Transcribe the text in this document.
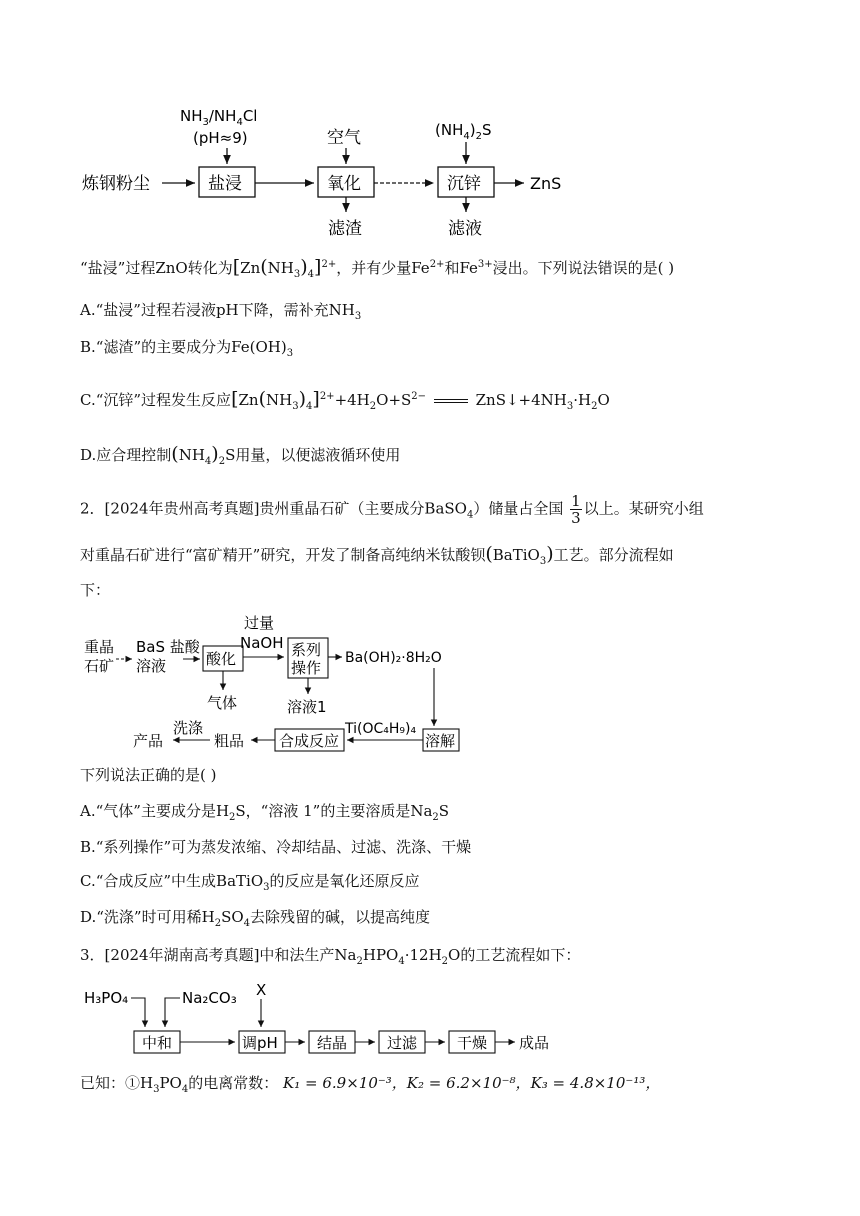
炼钢粉尘	盐浸	氧化	沉锌	ZnS
$NH_3/NH_4Cl$
(pH≈9)	空气	$(NH_4)_2S$
滤渣	滤液
“盐浸”过程ZnO转化为$[Zn(NH_3)_4]^{2+}$，并有少量$Fe^{2+}$和$Fe^{3+}$浸出。下列说法错误的是( )
A.“盐浸”过程若浸液pH下降，需补充$NH_3$
B.“滤渣”的主要成分为$Fe(OH)_3$
C.“沉锌”过程发生反应$[Zn(NH_3)_4]^{2+}+4H_2O+S^{2-}$	$ZnS↓+4NH_3\cdot H_2O$
D.应合理控制$(NH_4)_2S$用量，以便滤液循环使用
2．[2024年贵州高考真题]贵州重晶石矿（主要成分BaSO$_4$）储量占全国 $\frac{1}{3}$ 以上。某研究小组
对重晶石矿进行“富矿精开”研究，开发了制备高纯纳米钛酸钡(BaTiO$_3$)工艺。部分流程如
下：
重晶
石矿
BaS 盐酸
溶液	酸化
过量
NaOH 系列
操作
Ba(OH)₂·8H₂O
气体	溶液1
溶解
Ti(OC₄H₉)₄
合成反应
粗品
洗涤
产品
下列说法正确的是( )
A.“气体”主要成分是$H_2S$，“溶液 1”的主要溶质是$Na_2S$
B.“系列操作”可为蒸发浓缩、冷却结晶、过滤、洗涤、干燥
C.“合成反应”中生成BaTiO$_3$的反应是氧化还原反应
D.“洗涤”时可用稀$H_2SO_4$去除残留的碱，以提高纯度
3．[2024年湖南高考真题]中和法生产$Na_2HPO_4\cdot 12H_2O$的工艺流程如下：
H₃PO₄	Na₂CO₃
中和
X
调pH	结晶	过滤	干燥 成品
已知：$①H_3PO_4$的电离常数： K₁ = 6.9×10⁻³，K₂ = 6.2×10⁻⁸，K₃ = 4.8×10⁻¹³，
